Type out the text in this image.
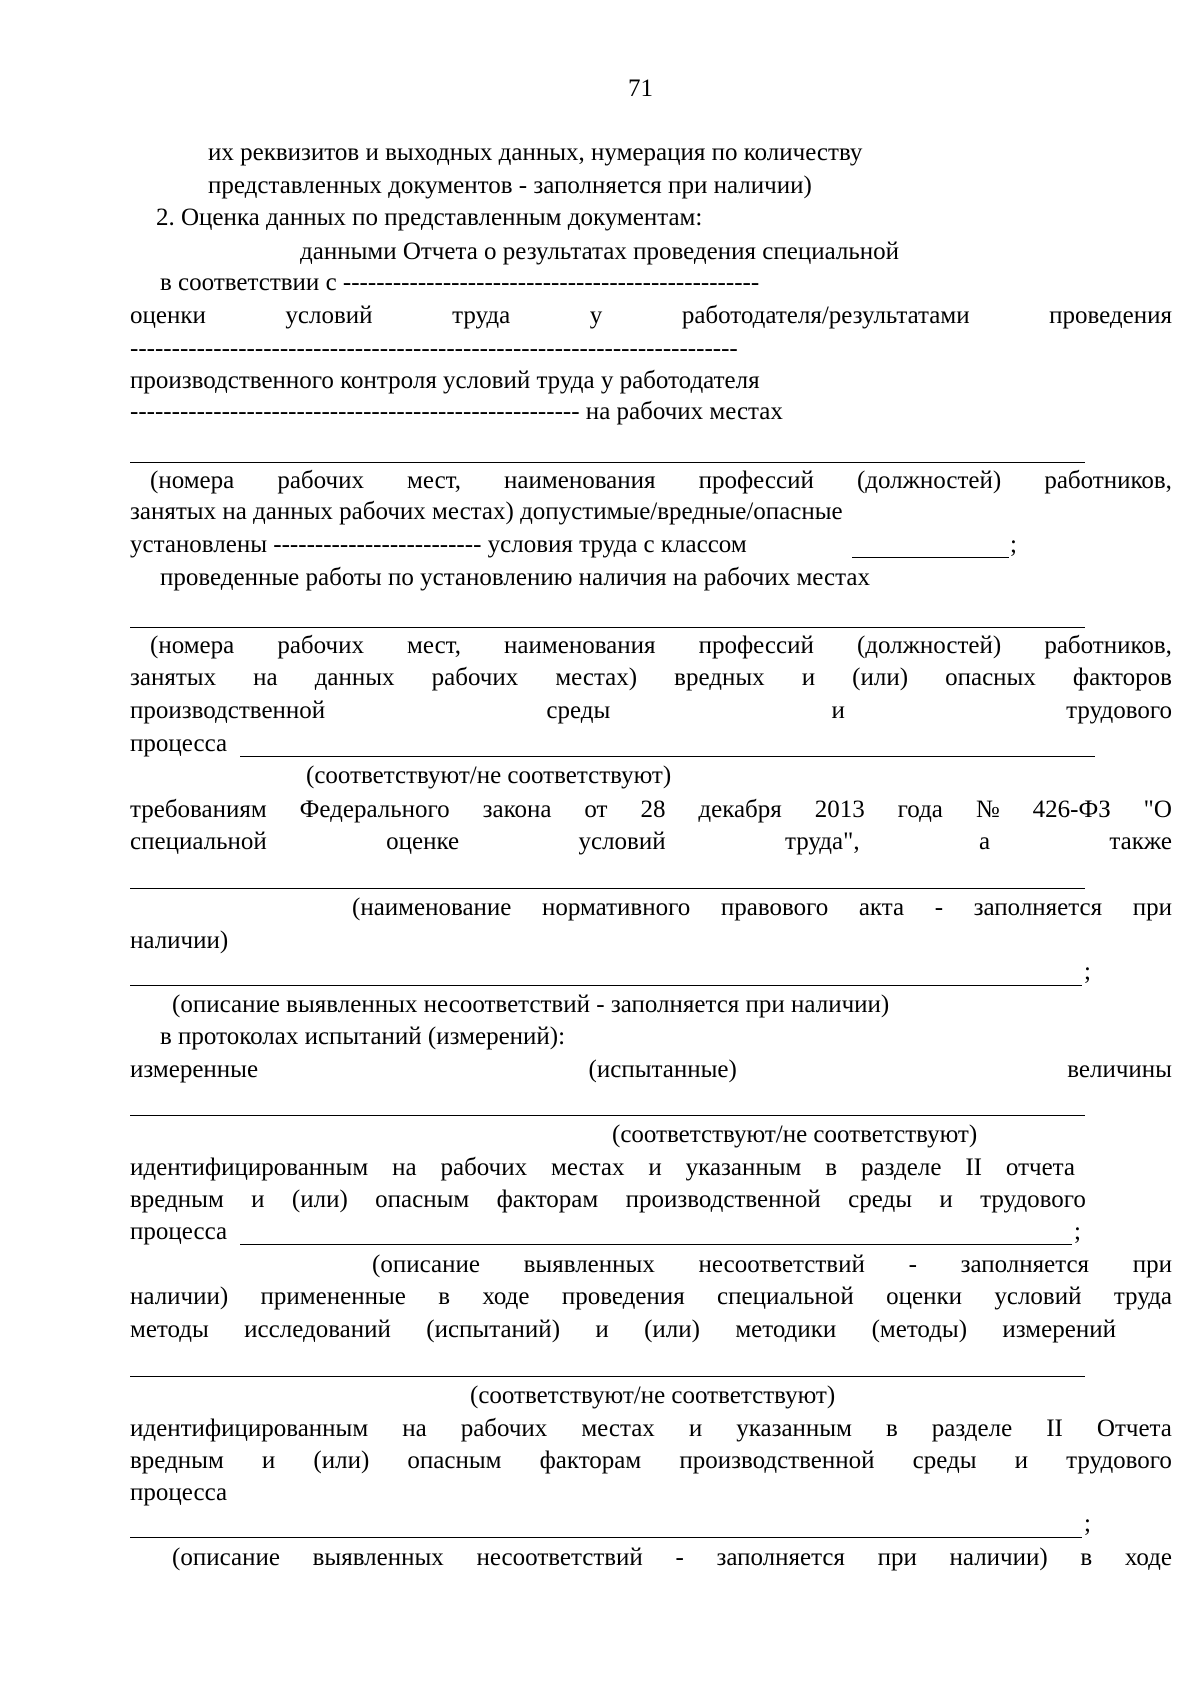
71
их реквизитов и выходных данных, нумерация по количеству
представленных документов - заполняется при наличии)
2. Оценка данных по представленным документам:
данными Отчета о результатах проведения специальной
в соответствии с --------------------------------------------------
оценки	условий	труда	у	работодателя/результатами	проведения
-------------------------------------------------------------------------
производственного контроля условий труда у работодателя
------------------------------------------------------ на рабочих местах
(номера рабочих мест, наименования профессий (должностей) работников,
занятых на данных рабочих местах) допустимые/вредные/опасные
установлены ------------------------- условия труда с классом	;
проведенные работы по установлению наличия на рабочих местах
(номера рабочих мест, наименования профессий (должностей) работников,
занятых на данных рабочих местах) вредных и (или) опасных факторов
производственной	среды	и	трудового
процесса
(соответствуют/не соответствуют)
требованиям Федерального закона от 28 декабря 2013 года № 426-ФЗ "О
специальной	оценке	условий	труда",	а	также
(наименование нормативного правового акта - заполняется при
наличии)
;
(описание выявленных несоответствий - заполняется при наличии)
в протоколах испытаний (измерений):
измеренные	(испытанные)	величины
(соответствуют/не соответствуют)
идентифицированным на рабочих местах и указанным в разделе II отчета
вредным и (или) опасным факторам производственной среды и трудового
процесса	;
(описание выявленных несоответствий - заполняется при
наличии) примененные в ходе проведения специальной оценки условий труда
методы исследований (испытаний) и (или) методики (методы) измерений
(соответствуют/не соответствуют)
идентифицированным на рабочих местах и указанным в разделе II Отчета
вредным и (или) опасным факторам производственной среды и трудового
процесса
;
(описание выявленных несоответствий - заполняется при наличии) в ходе
